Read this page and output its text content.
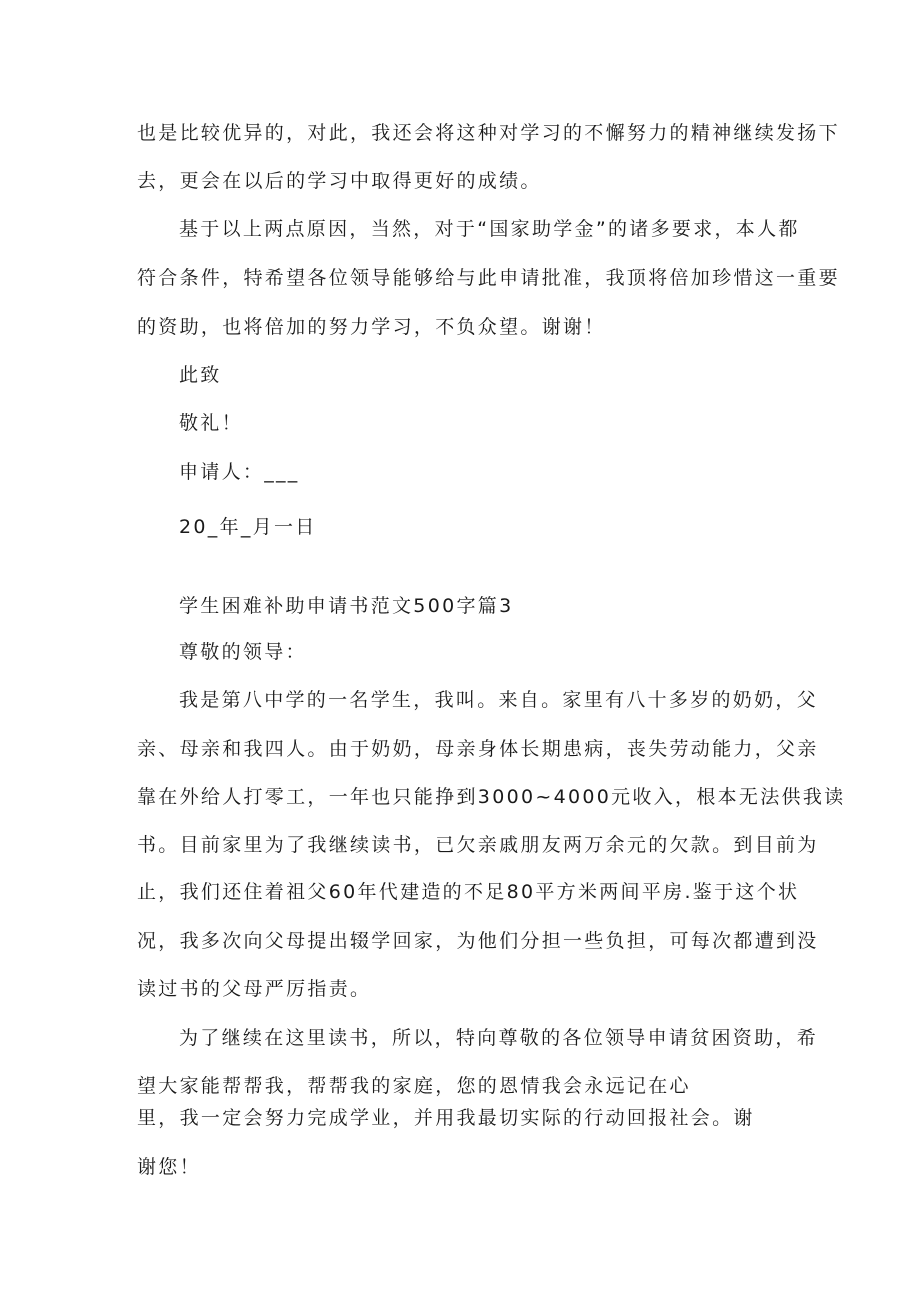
也是比较优异的，对此，我还会将这种对学习的不懈努力的精神继续发扬下
去，更会在以后的学习中取得更好的成绩。
基于以上两点原因，当然，对于“国家助学金”的诸多要求，本人都
符合条件，特希望各位领导能够给与此申请批准，我顶将倍加珍惜这一重要
的资助，也将倍加的努力学习，不负众望。谢谢！
此致
敬礼！
申请人：___
20_年_月一日
学生困难补助申请书范文500字篇3
尊敬的领导：
我是第八中学的一名学生，我叫。来自。家里有八十多岁的奶奶，父
亲、母亲和我四人。由于奶奶，母亲身体长期患病，丧失劳动能力，父亲
靠在外给人打零工，一年也只能挣到3000~4000元收入，根本无法供我读
书。目前家里为了我继续读书，已欠亲戚朋友两万余元的欠款。到目前为
止，我们还住着祖父60年代建造的不足80平方米两间平房.鉴于这个状
况，我多次向父母提出辍学回家，为他们分担一些负担，可每次都遭到没
读过书的父母严厉指责。
为了继续在这里读书，所以，特向尊敬的各位领导申请贫困资助，希
望大家能帮帮我，帮帮我的家庭，您的恩情我会永远记在心
里，我一定会努力完成学业，并用我最切实际的行动回报社会。谢
谢您！
